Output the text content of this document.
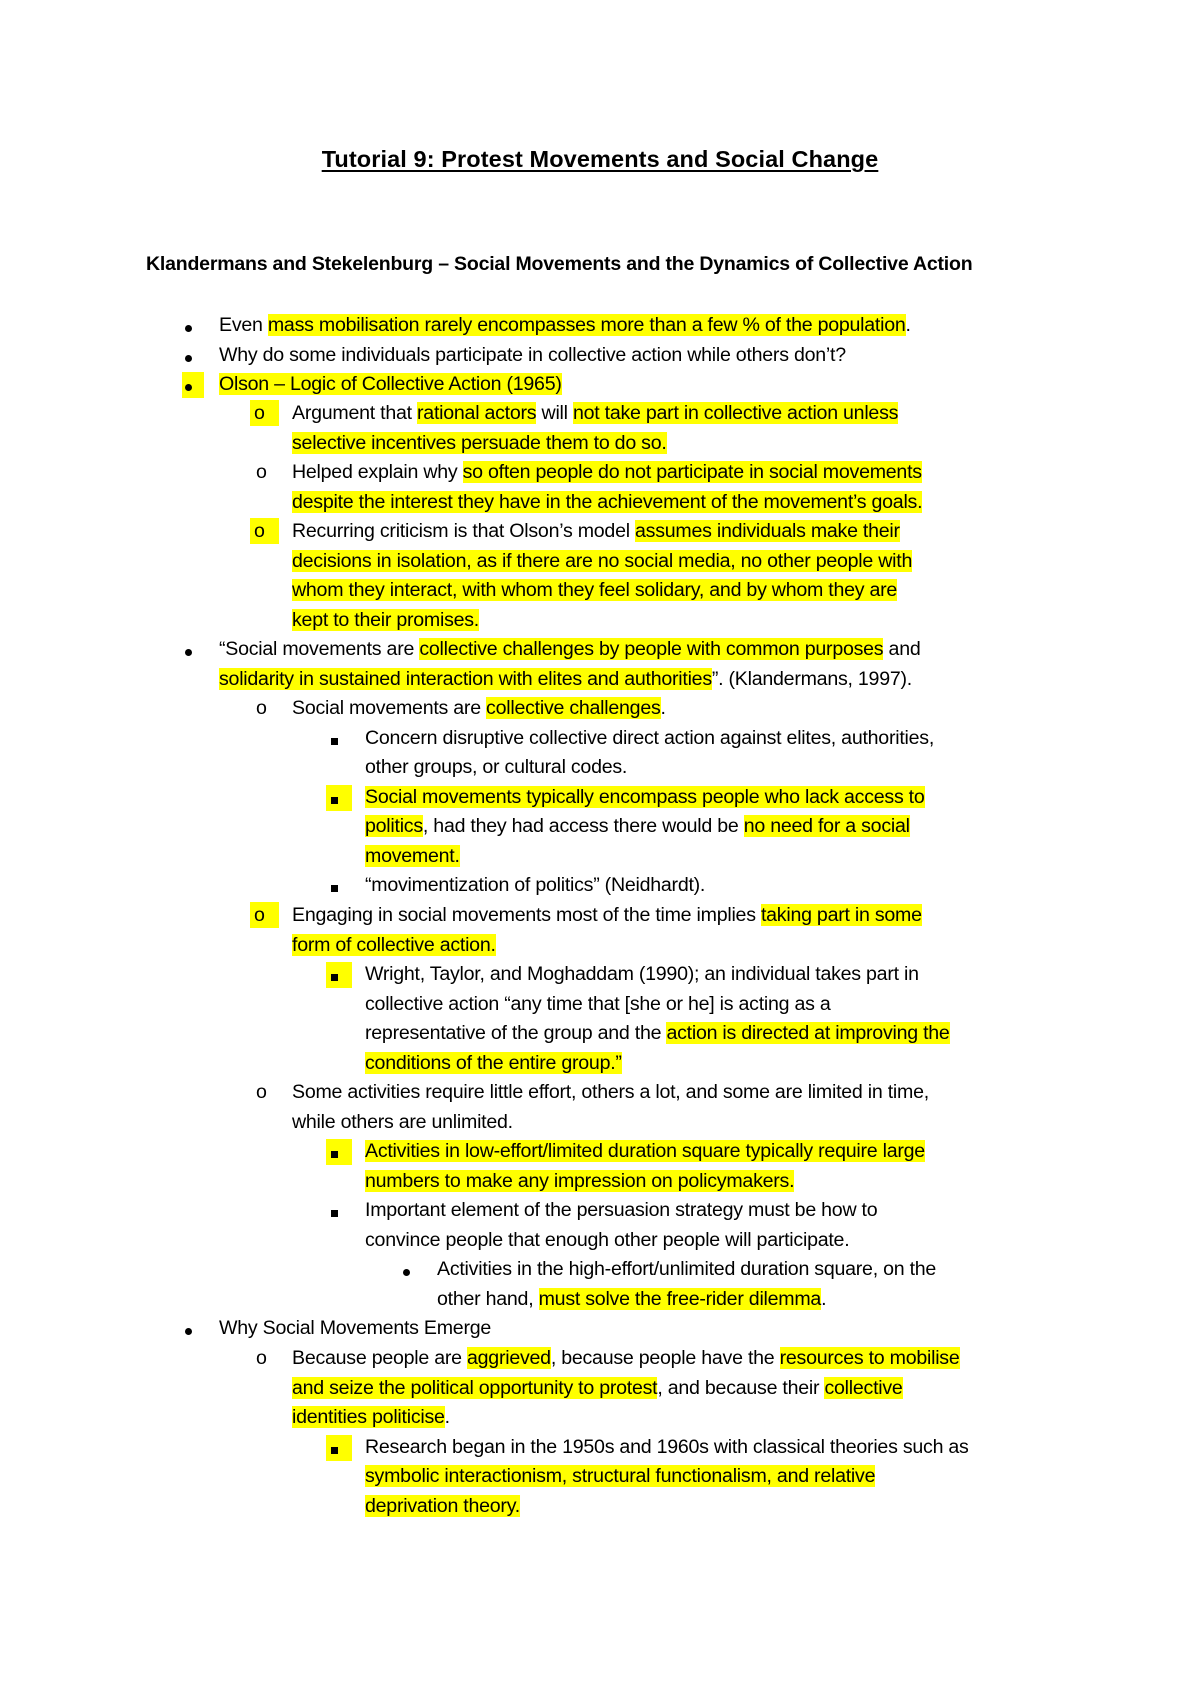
Tutorial 9: Protest Movements and Social Change
Klandermans and Stekelenburg – Social Movements and the Dynamics of Collective Action
Even mass mobilisation rarely encompasses more than a few % of the population.
Why do some individuals participate in collective action while others don’t?
Olson – Logic of Collective Action (1965)
o	Argument that rational actors will not take part in collective action unless
selective incentives persuade them to do so.
o Helped explain why so often people do not participate in social movements
despite the interest they have in the achievement of the movement’s goals.
o	Recurring criticism is that Olson’s model assumes individuals make their
decisions in isolation, as if there are no social media, no other people with
whom they interact, with whom they feel solidary, and by whom they are
kept to their promises.
“Social movements are collective challenges by people with common purposes and
solidarity in sustained interaction with elites and authorities”. (Klandermans, 1997).
o Social movements are collective challenges.
Concern disruptive collective direct action against elites, authorities,
other groups, or cultural codes.
Social movements typically encompass people who lack access to
politics, had they had access there would be no need for a social
movement.
“movimentization of politics” (Neidhardt).
o	Engaging in social movements most of the time implies taking part in some
form of collective action.
Wright, Taylor, and Moghaddam (1990); an individual takes part in
collective action “any time that [she or he] is acting as a
representative of the group and the action is directed at improving the
conditions of the entire group.”
o Some activities require little effort, others a lot, and some are limited in time,
while others are unlimited.
Activities in low-effort/limited duration square typically require large
numbers to make any impression on policymakers.
Important element of the persuasion strategy must be how to
convince people that enough other people will participate.
Activities in the high-effort/unlimited duration square, on the
other hand, must solve the free-rider dilemma.
Why Social Movements Emerge
o Because people are aggrieved, because people have the resources to mobilise
and seize the political opportunity to protest, and because their collective
identities politicise.
Research began in the 1950s and 1960s with classical theories such as
symbolic interactionism, structural functionalism, and relative
deprivation theory.
